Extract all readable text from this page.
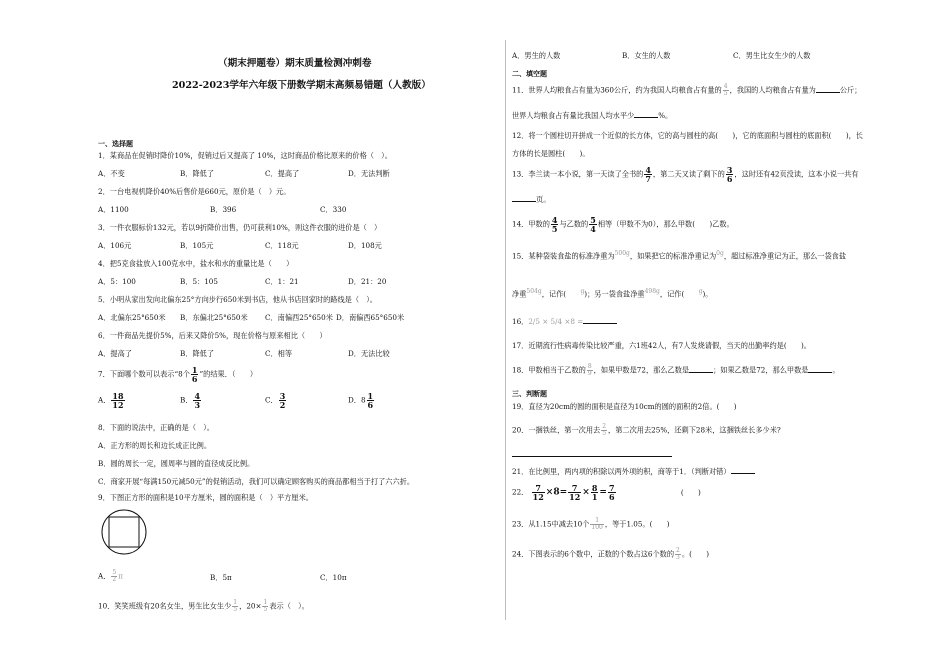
（期末押题卷）期末质量检测冲刺卷
2022-2023学年六年级下册数学期末高频易错题（人教版）
一、选择题
1．某商品在促销时降价10%，促销过后又提高了 10%，这时商品价格比原来的价格（　）。
A．不变	B．降低了	C．提高了	D．无法判断
2．一台电视机降价40%后售价是660元，原价是（　）元。
A．1100	B．396	C．330
3．一件衣服标价132元，若以9折降价出售，仍可获利10%，则这件衣服的进价是（　）
A．106元	B．105元	C．118元	D．108元
4．把5克食盐放入100克水中，盐水和水的重量比是（　　）
A．5：100	B．5：105	C．1：21	D．21：20
5．小明从家出发向北偏东25°方向步行650米到书店，他从书店回家时的路线是（　）。
A．北偏东25°650米 B．东偏北25°650米 C．南偏西25°650米 D．南偏西65°650米
6．一件商品先提价5%，后来又降价5%，现在价格与原来相比（　　）
A．提高了	B．降低了	C．相等	D．无法比较
7．下面哪个数可以表示“8个 $\frac{1}{6}$ ”的结果．（　　）
A． $\frac{18}{12}$	B． $\frac{4}{3}$	C． $\frac{3}{2}$	D．$8 \frac{1}{6}$
8．下面的说法中，正确的是（　）。
A．正方形的周长和边长成正比例。
B．圆的周长一定，圆周率与圆的直径成反比例。
C．商家开展“每满150元减50元”的促销活动，我们可以确定顾客购买的商品都相当于打了六六折。
9．下图正方形的面积是10平方厘米，圆的面积是（　）平方厘米。
A． $\frac{5}{2}$ π	B．5π	C．10π
10．笑笑班级有20名女生，男生比女生少 $\frac{1}{5}$ ，$20\times \frac{1}{5}$ 表示（　）。
A．男生的人数	B．女生的人数	C．男生比女生少的人数
二、填空题
11．世界人均粮食占有量为360公斤，约为我国人均粮食占有量的 $\frac{4}{5}$ ，我国的人均粮食占有量为	公斤；
世界人均粮食占有量比我国人均水平少	%。
12．将一个圆柱切开拼成一个近似的长方体，它的高与圆柱的高(　　)，它的底面积与圆柱的底面积(　　)，长
方体的长是圆柱(　　)。
13．李兰读一本小说，第一天读了全书的 $\frac{4}{7}$ ，第二天又读了剩下的 $\frac{3}{6}$ ，这时还有42页没读，这本小说一共有
页。
14．甲数的 $\frac{4}{5}$ 与乙数的 $\frac{5}{4}$ 相等（甲数不为0），那么甲数(　　)乙数。
15．某种袋装食盐的标准净重为$^{500g}$，如果把它的标准净重记为$^{0g}$，超过标准净重记为正，那么一袋食盐
净重$^{504g}$，记作(　　$^g$)；另一袋食盐净重$^{498g}$，记作(　　$^g$)。
16．2/5 × 5/4 ×8 =
17．近期流行性病毒传染比较严重，六1班42人，有7人发烧请假，当天的出勤率约是(　　)。
18．甲数相当于乙数的 $\frac{8}{9}$ ，如果甲数是72，那么乙数是	；如果乙数是72，那么甲数是	。
三、判断题
19．直径为20cm的圆的面积是直径为10cm的圆的面积的2倍。(　　)
20．一捆铁丝，第一次用去 $\frac{2}{5}$ ，第二次用去25%，还剩下28米，这捆铁丝长多少米?
21．在比例里，两内项的积除以两外项的积，商等于1．（判断对错）
22． $\frac{7}{12} \times 8= \frac{7}{12} \times \frac{8}{1} = \frac{7}{6}$	(　　)
23．从1.15中减去10个 $\frac{1}{100}$ ，等于1.05。(　　)
24．下图表示的6个数中，正数的个数占这6个数的 $\frac{2}{3}$ 。(　　)
